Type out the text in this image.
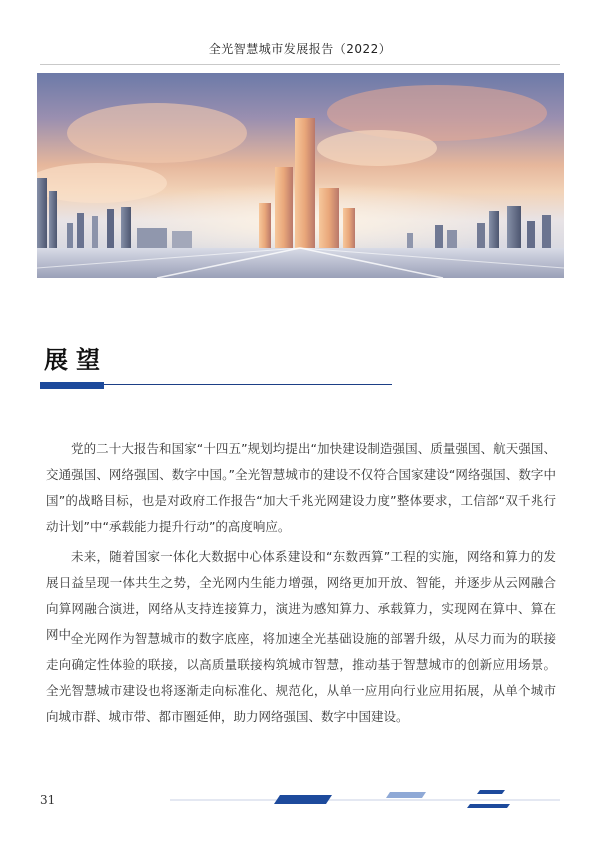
全光智慧城市发展报告（2022）
展望

党的二十大报告和国家“十四五”规划均提出“加快建设制造强国、质量强国、航天强国、交通强国、网络强国、数字中国。”全光智慧城市的建设不仅符合国家建设“网络强国、数字中国”的战略目标，也是对政府工作报告“加大千兆光网建设力度”整体要求，工信部“双千兆行动计划”中“承载能力提升行动”的高度响应。

未来，随着国家一体化大数据中心体系建设和“东数西算”工程的实施，网络和算力的发展日益呈现一体共生之势，全光网内生能力增强，网络更加开放、智能，并逐步从云网融合向算网融合演进，网络从支持连接算力，演进为感知算力、承载算力，实现网在算中、算在网中。

全光网作为智慧城市的数字底座，将加速全光基础设施的部署升级，从尽力而为的联接走向确定性体验的联接，以高质量联接构筑城市智慧，推动基于智慧城市的创新应用场景。全光智慧城市建设也将逐渐走向标准化、规范化，从单一应用向行业应用拓展，从单个城市向城市群、城市带、都市圈延伸，助力网络强国、数字中国建设。

31
